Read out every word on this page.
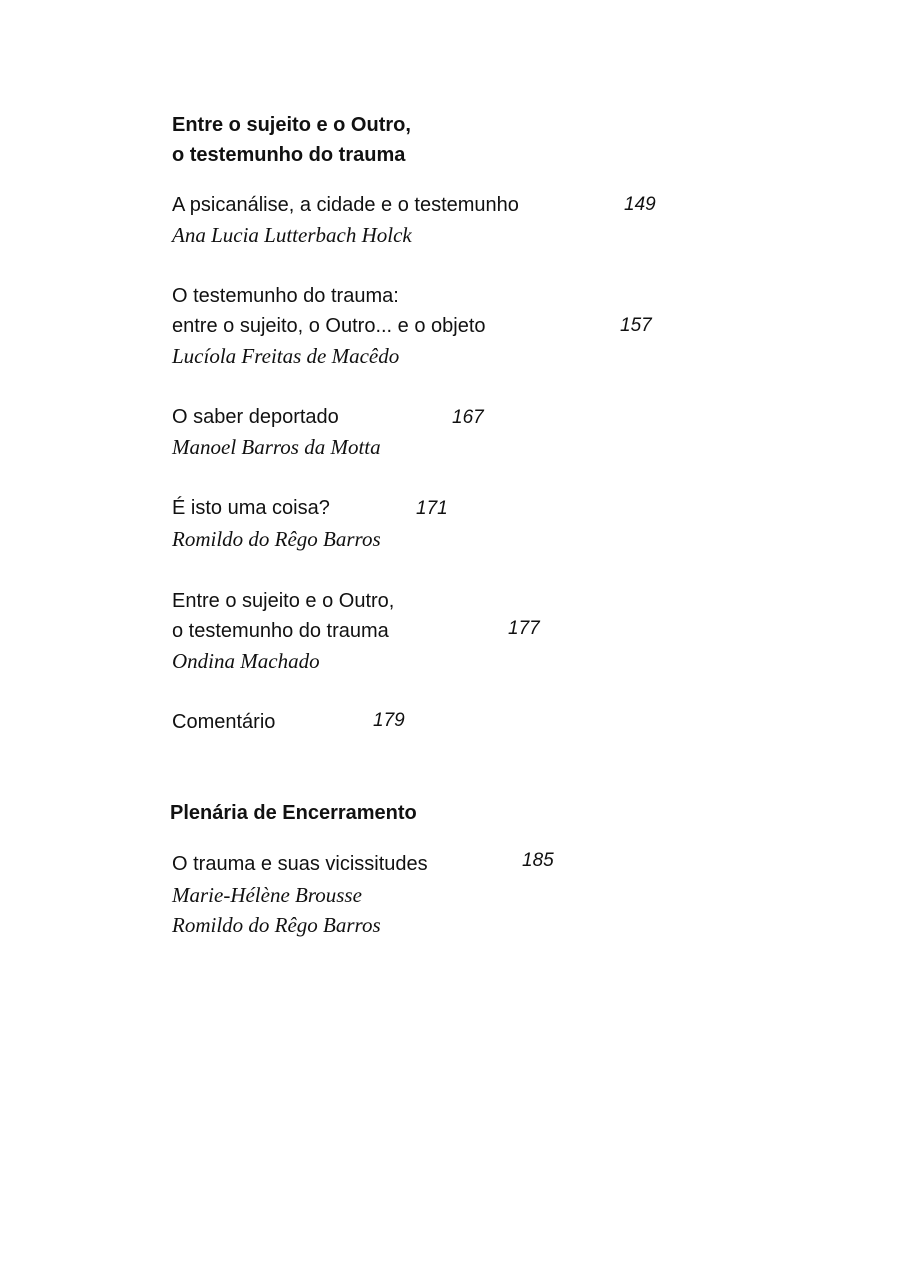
Entre o sujeito e o Outro,
o testemunho do trauma
A psicanálise, a cidade e o testemunho	149
Ana Lucia Lutterbach Holck
O testemunho do trauma:
entre o sujeito, o Outro... e o objeto	157
Lucíola Freitas de Macêdo
O saber deportado	167
Manoel Barros da Motta
É isto uma coisa?	171
Romildo do Rêgo Barros
Entre o sujeito e o Outro,
o testemunho do trauma	177
Ondina Machado
Comentário	179
Plenária de Encerramento
O trauma e suas vicissitudes	185
Marie-Hélène Brousse
Romildo do Rêgo Barros
